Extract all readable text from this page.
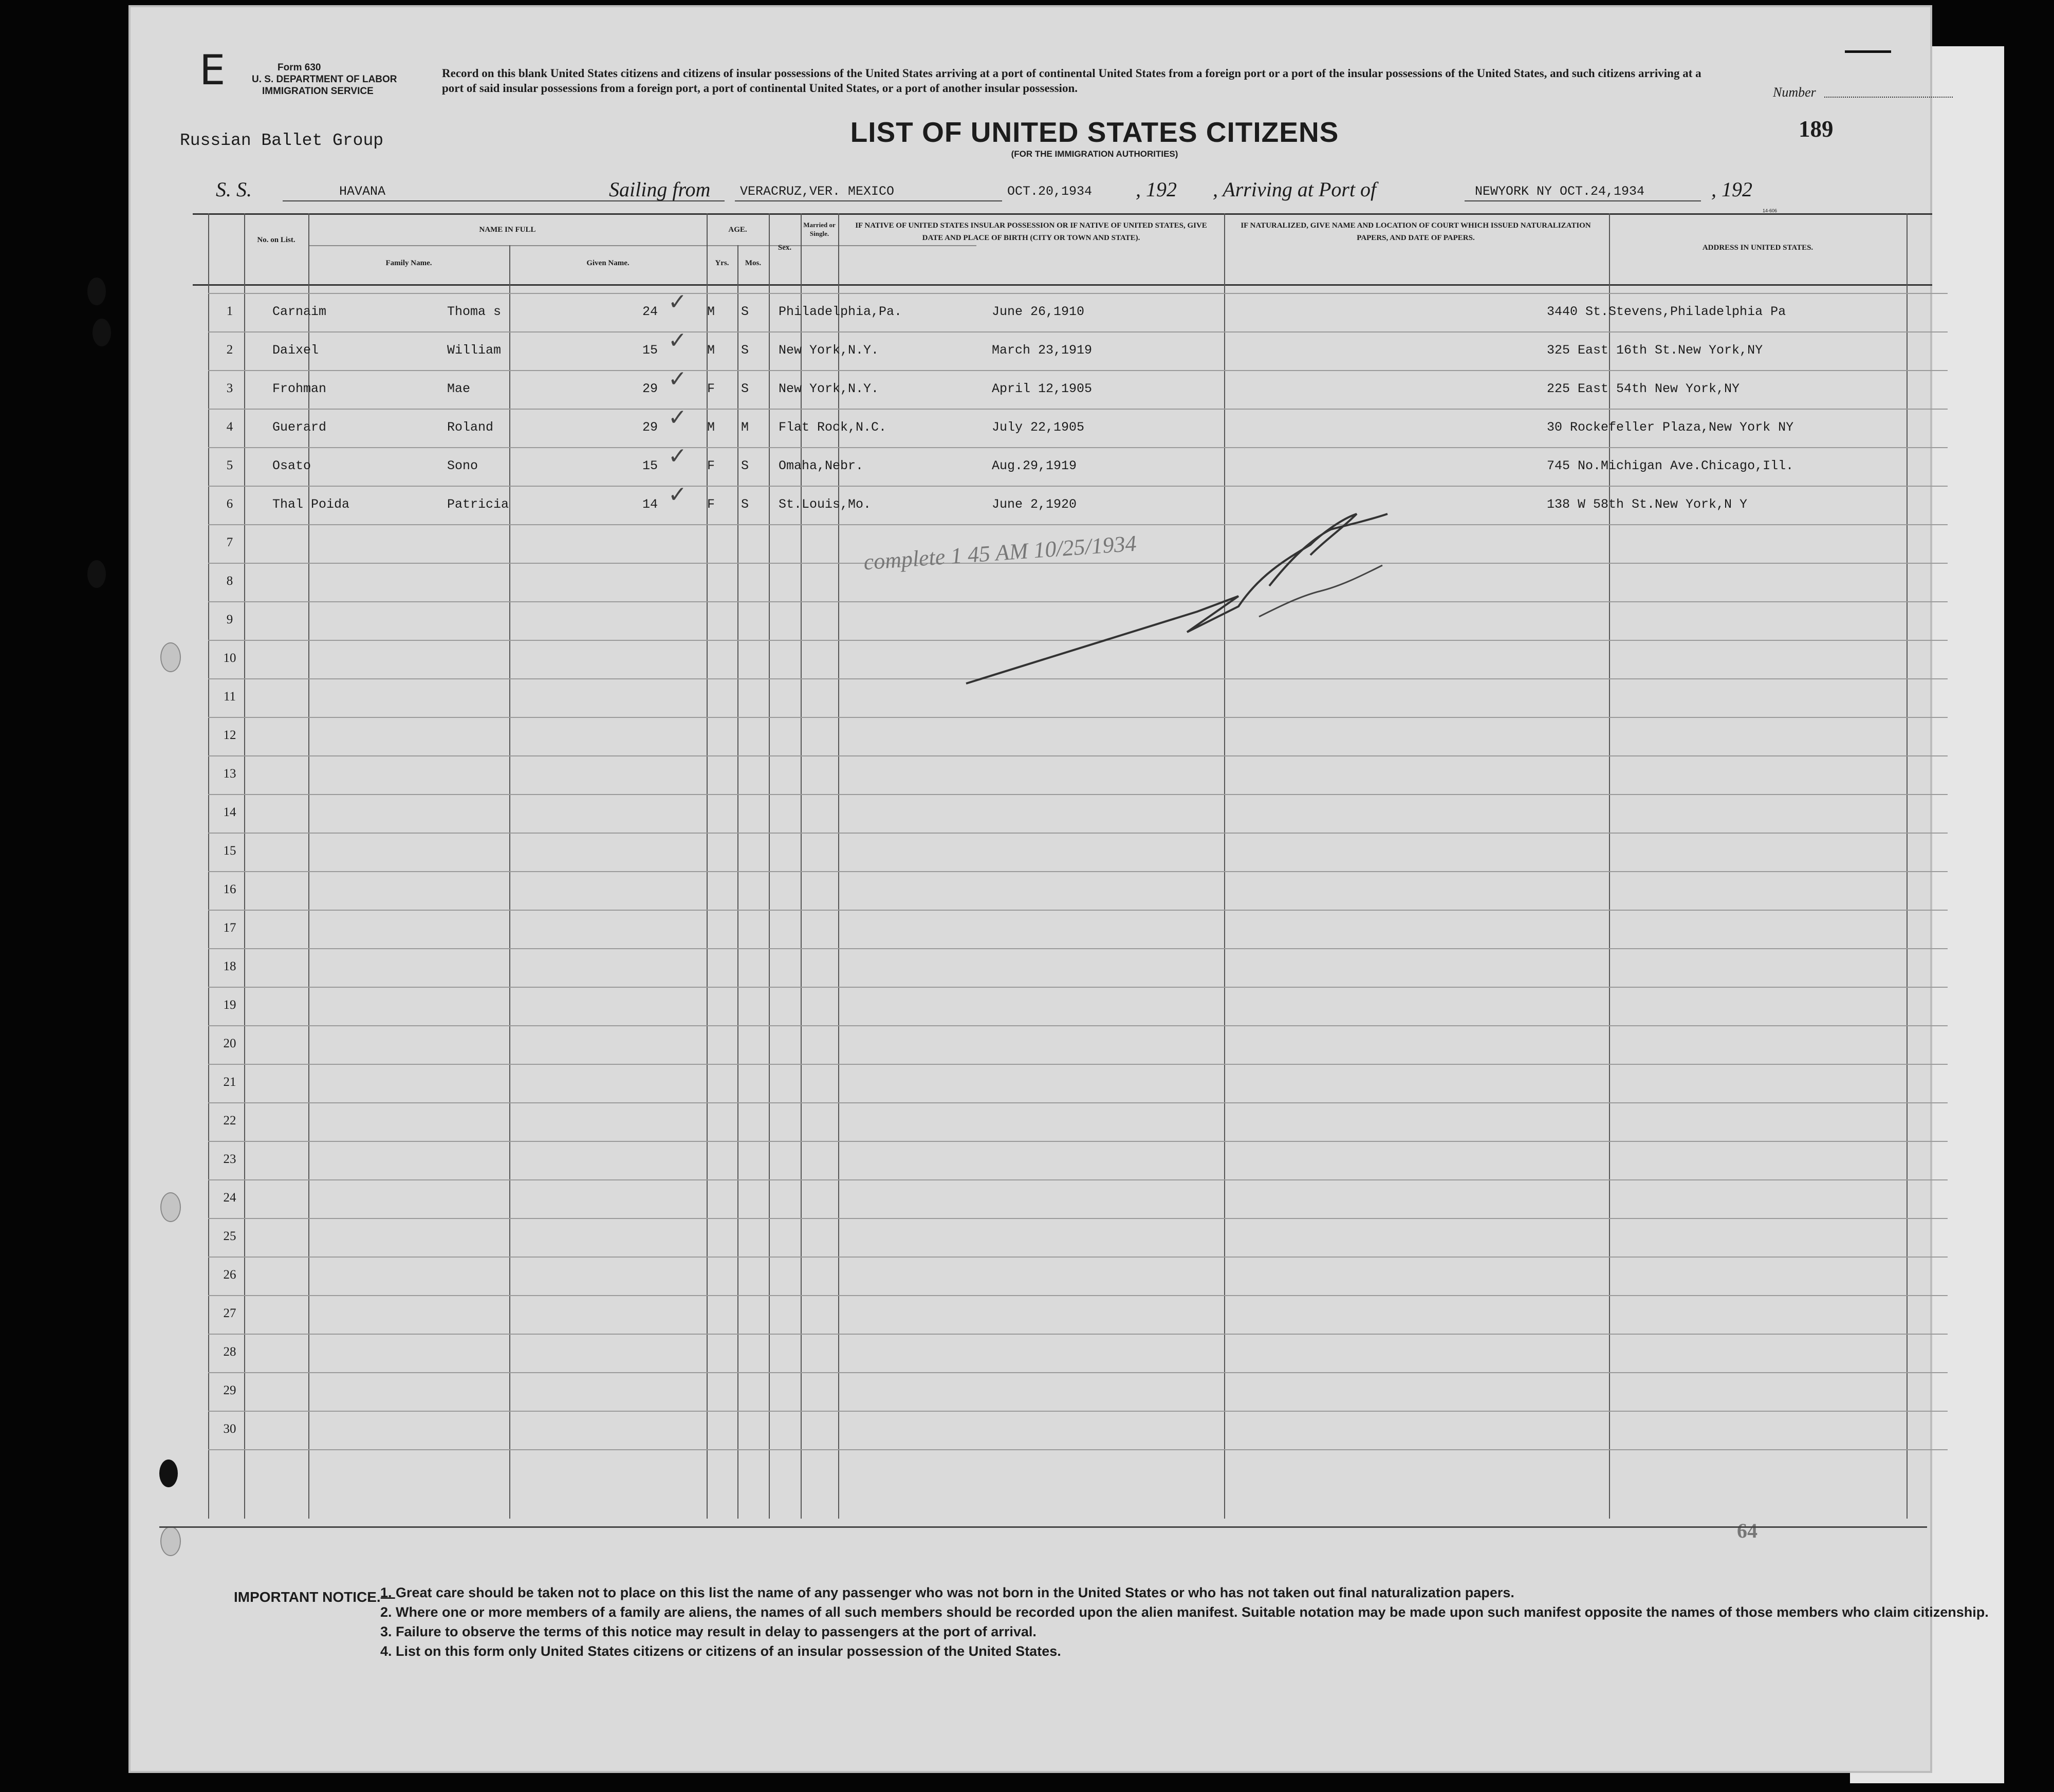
Form 630
U. S. DEPARTMENT OF LABOR
IMMIGRATION SERVICE
E	Record on this blank United States citizens and citizens of insular possessions of the United States arriving at a port of continental United States from a foreign port or a port of the insular possessions of the United States, and such citizens arriving at a port of said insular possessions from a foreign port, a port of continental United States, or a port of another insular possession.	Number
Russian Ballet Group	LIST OF UNITED STATES CITIZENS
(FOR THE IMMIGRATION AUTHORITIES)
189
S. S.	HAVANA	Sailing from VERACRUZ,VER. MEXICO	OCT.20,1934 , 192 , Arriving at Port of	NEWYORK NY OCT.24,1934	, 192
14-606
No. on List.
NAME IN FULL
Family Name.	Given Name.
AGE.
Yrs.	Mos.
Sex.
Married or Single.
IF NATIVE OF UNITED STATES INSULAR POSSESSION OR IF NATIVE OF UNITED STATES, GIVE DATE AND PLACE OF BIRTH (CITY OR TOWN AND STATE).
IF NATURALIZED, GIVE NAME AND LOCATION OF COURT WHICH ISSUED NATURALIZATION PAPERS, AND DATE OF PAPERS.
ADDRESS IN UNITED STATES.
7
8
9
10
11
12
13
14
15
16
17
18
19
20
21
22
23
24
25
26
27
28
29
30
1	Carnaim	Thoma s	24	M S Philadelphia,Pa.	June 26,1910	3440 St.Stevens,Philadelphia Pa
✓
2	Daixel	William	15	M S New York,N.Y.	March 23,1919	325 East 16th St.New York,NY
✓
3	Frohman	Mae	29	F S New York,N.Y.	April 12,1905	225 East 54th New York,NY
✓
4	Guerard	Roland	29	M M Flat Rock,N.C.	July 22,1905	30 Rockefeller Plaza,New York NY
✓
5	Osato	Sono	15	F S Omaha,Nebr.	Aug.29,1919	745 No.Michigan Ave.Chicago,Ill.
✓
6	Thal Poida	Patricia	14	F S St.Louis,Mo.	June 2,1920	138 W 58th St.New York,N Y
✓
complete 1 45 AM 10/25/1934
64
IMPORTANT NOTICE.—
1. Great care should be taken not to place on this list the name of any passenger who was not born in the United States or who has not taken out final naturalization papers.
2. Where one or more members of a family are aliens, the names of all such members should be recorded upon the alien manifest. Suitable notation may be made upon such manifest opposite the names of those members who claim citizenship.
3. Failure to observe the terms of this notice may result in delay to passengers at the port of arrival.
4. List on this form only United States citizens or citizens of an insular possession of the United States.
